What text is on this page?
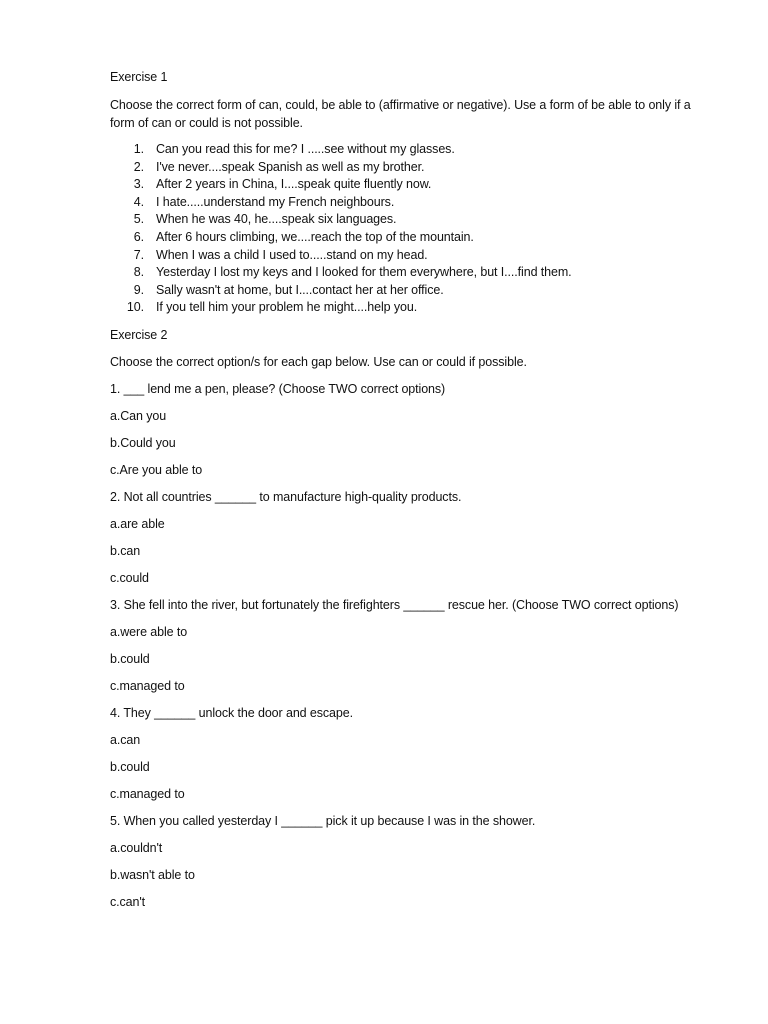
Exercise 1

Choose the correct form of can, could, be able to (affirmative or negative). Use a form of be able to only if a form of can or could is not possible.

1. Can you read this for me? I .....see without my glasses.
2. I've never....speak Spanish as well as my brother.
3. After 2 years in China, I....speak quite fluently now.
4. I hate.....understand my French neighbours.
5. When he was 40, he....speak six languages.
6. After 6 hours climbing, we....reach the top of the mountain.
7. When I was a child I used to.....stand on my head.
8. Yesterday I lost my keys and I looked for them everywhere, but I....find them.
9. Sally wasn't at home, but I....contact her at her office.
10. If you tell him your problem he might....help you.

Exercise 2

Choose the correct option/s for each gap below. Use can or could if possible.

1. ___ lend me a pen, please? (Choose TWO correct options)

a.Can you

b.Could you

c.Are you able to

2. Not all countries ______ to manufacture high-quality products.

a.are able

b.can

c.could

3. She fell into the river, but fortunately the firefighters ______ rescue her. (Choose TWO correct options)

a.were able to

b.could

c.managed to

4. They ______ unlock the door and escape.

a.can

b.could

c.managed to

5. When you called yesterday I ______ pick it up because I was in the shower.

a.couldn't

b.wasn't able to

c.can't
